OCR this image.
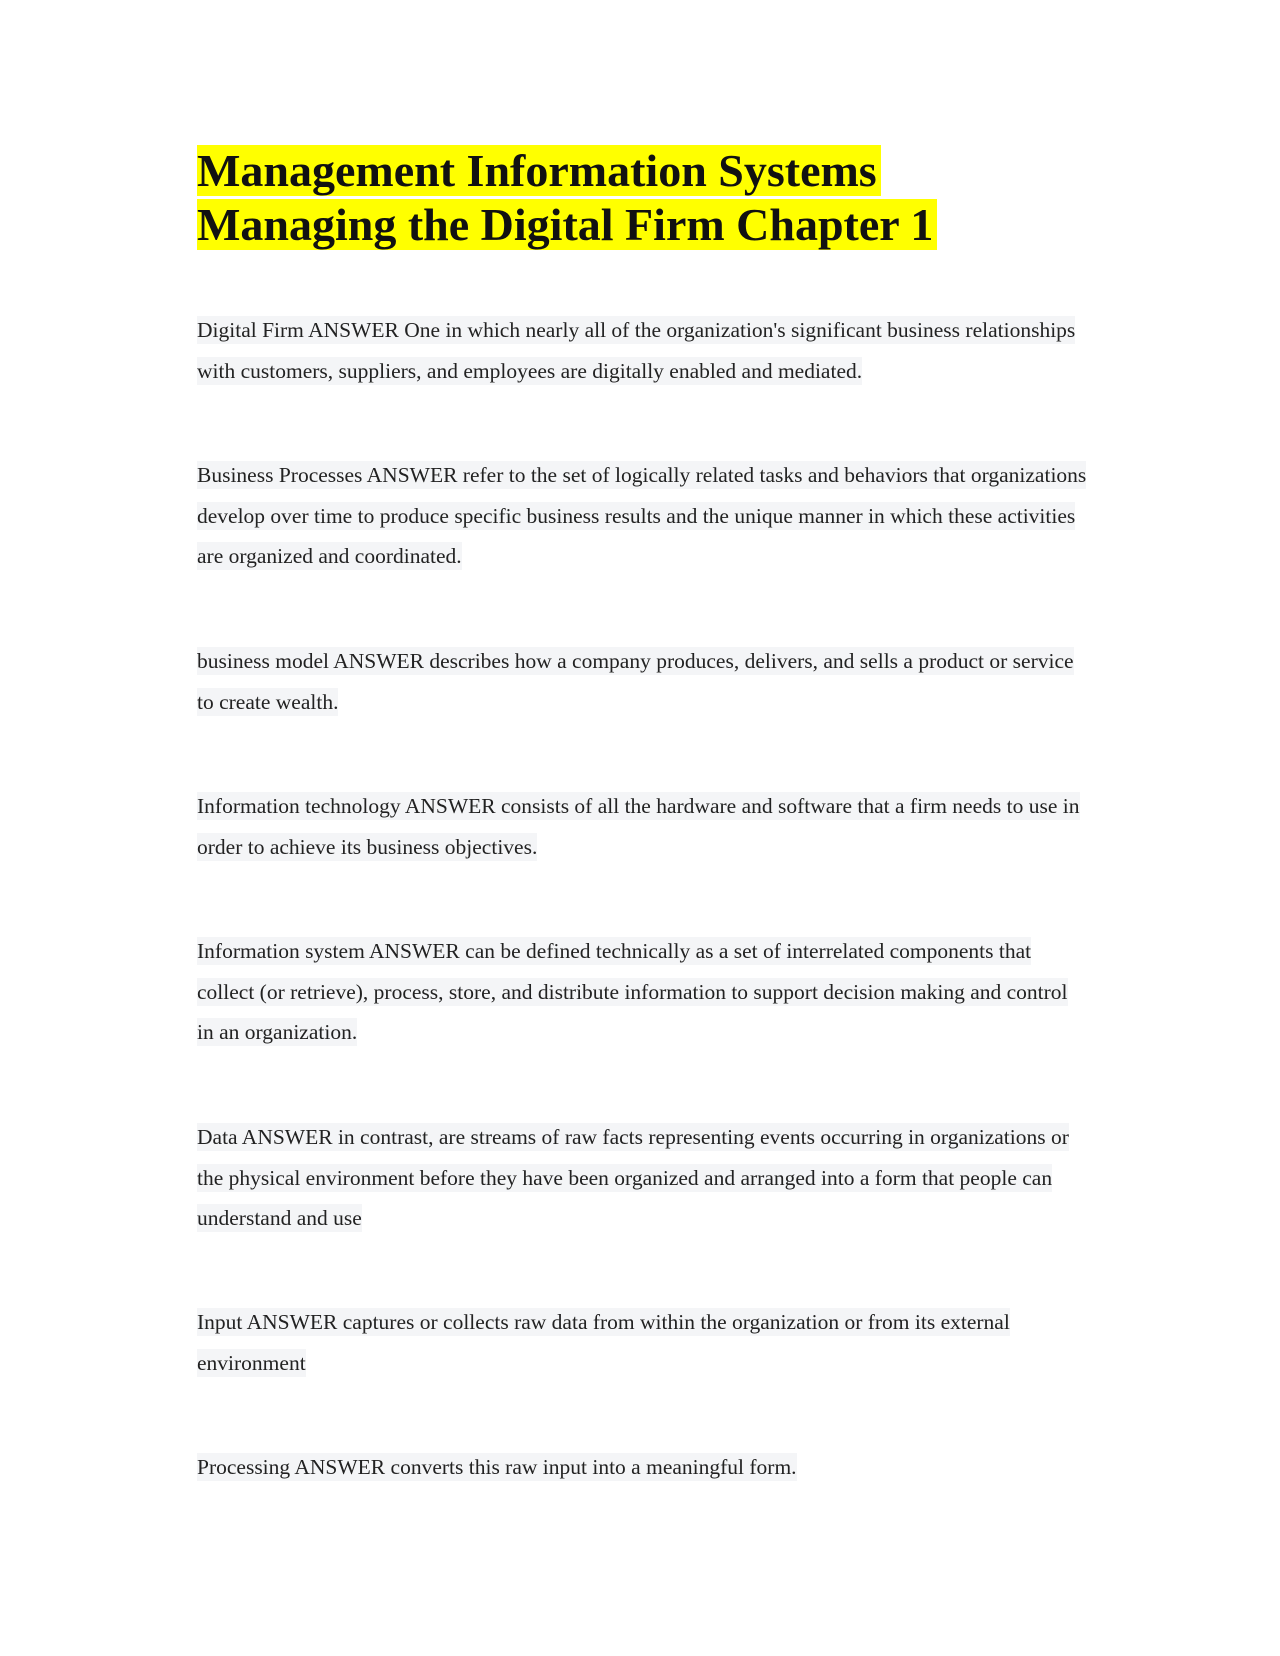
Management Information Systems
Managing the Digital Firm Chapter 1

Digital Firm ANSWER One in which nearly all of the organization's significant business relationships with customers, suppliers, and employees are digitally enabled and mediated.

Business Processes ANSWER refer to the set of logically related tasks and behaviors that organizations develop over time to produce specific business results and the unique manner in which these activities are organized and coordinated.

business model ANSWER describes how a company produces, delivers, and sells a product or service to create wealth.

Information technology ANSWER consists of all the hardware and software that a firm needs to use in order to achieve its business objectives.

Information system ANSWER can be defined technically as a set of interrelated components that collect (or retrieve), process, store, and distribute information to support decision making and control in an organization.

Data ANSWER in contrast, are streams of raw facts representing events occurring in organizations or the physical environment before they have been organized and arranged into a form that people can understand and use

Input ANSWER captures or collects raw data from within the organization or from its external environment

Processing ANSWER converts this raw input into a meaningful form.
